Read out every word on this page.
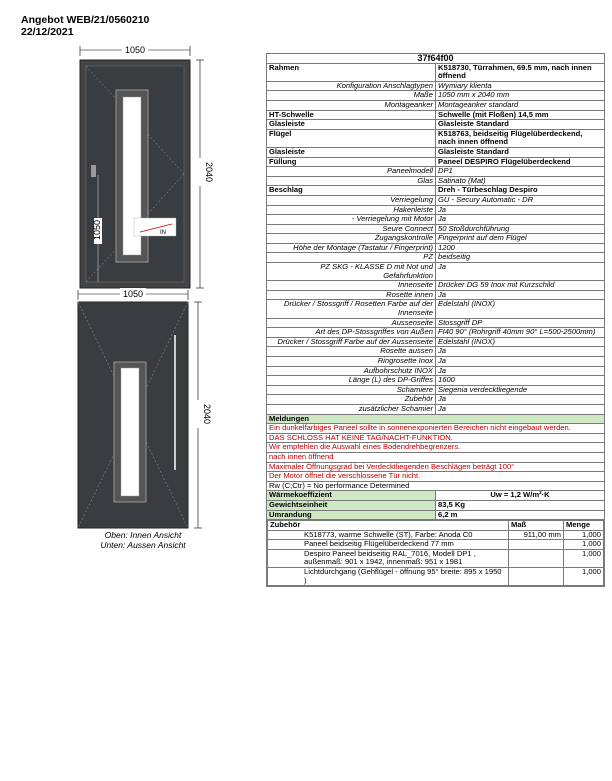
Angebot WEB/21/0560210
22/12/2021
1050
1050	IN
2040
1050
2040
Oben: Innen Ansicht
Unten: Aussen Ansicht
37f64f00
Rahmen	K518730, Türrahmen, 69.5 mm, nach innen öffnend
Konfiguration Anschlagtypen	Wymiary klienta
Maße	1050 mm x 2040 mm
Montageanker	Montageanker standard
HT-Schwelle	Schwelle (mit Floßen) 14,5 mm
Glasleiste	Glasleiste Standard
Flügel	K518763, beidseitig Flügelüberdeckend, nach innen öffnend
Glasleiste	Glasleiste Standard
Füllung	Paneel DESPIRO Flügelüberdeckend
Paneelmodell	DP1
Glas	Satinato (Mat)
Beschlag	Dreh - Türbeschlag Despiro
Verriegelung	GU - Secury Automatic - DR
Hakenleiste	Ja
- Verriegelung mit Motor	Ja
Seure Connect	50 Stoßdurchführung
Zugangskontrolle	Fingerprint auf dem Flügel
Höhe der Montage (Tastatur / Fingerprint)	1200
PZ	beidseitig
PZ SKG - KLASSE D mit Not und Gefahrfunktion	Ja
Innenseite	Drücker DG 59 Inox mit Kurzschild
Rosette innen	Ja
Drücker / Stossgriff / Rosetten Farbe auf der Innenseite	Edelstahl (INOX)
Aussenseite	Stossgriff DP
Art des DP-Stossgriffes von Außen	FI40 90° (Rohrgriff 40mm 90° L=500-2500mm)
Drücker / Stossgriff Farbe auf der Aussenseite	Edelstahl (INOX)
Rosette aussen	Ja
Ringrosette Inox	Ja
Aufbohrschutz INOX	Ja
Länge (L) des DP-Griffes	1600
Schamiere	Siegenia verdecktliegende
Zubehör	Ja
zusätzlicher Schamier	Ja
Meldungen
Ein dunkelfarbiges Paneel sollte in sonnenexponierten Bereichen nicht eingebaut werden.
DAS SCHLOSS HAT KEINE TAG/NACHT-FUNKTION.
Wir empfehlen die Auswahl eines Bodendrehbegrenzers.
nach innen öffnend
Maximaler Öffnungsgrad bei Verdecktliegenden Beschlägen beträgt 100°
Der Motor öffnet die verschlossene Tür nicht.
Rw (C;Ctr) = No performance Determined
Wärmekoeffizient	Uw = 1,2 W/m²·K
Gewichtseinheit	83,5 Kg
Umrandung	6,2 m

Zubehör	Maß	Menge
K518773, warme Schwelle (ST), Farbe: Anoda C0	911,00 mm	1,000
Paneel beidseitig Flügelüberdeckend 77 mm		1,000
Despiro Paneel beidseitig RAL_7016, Modell DP1 , außenmaß: 901 x 1942, innenmaß: 951 x 1981		1,000
Lichtdurchgang (Gehflügel - öffnung 95° breite: 895 x 1950 )		1,000
